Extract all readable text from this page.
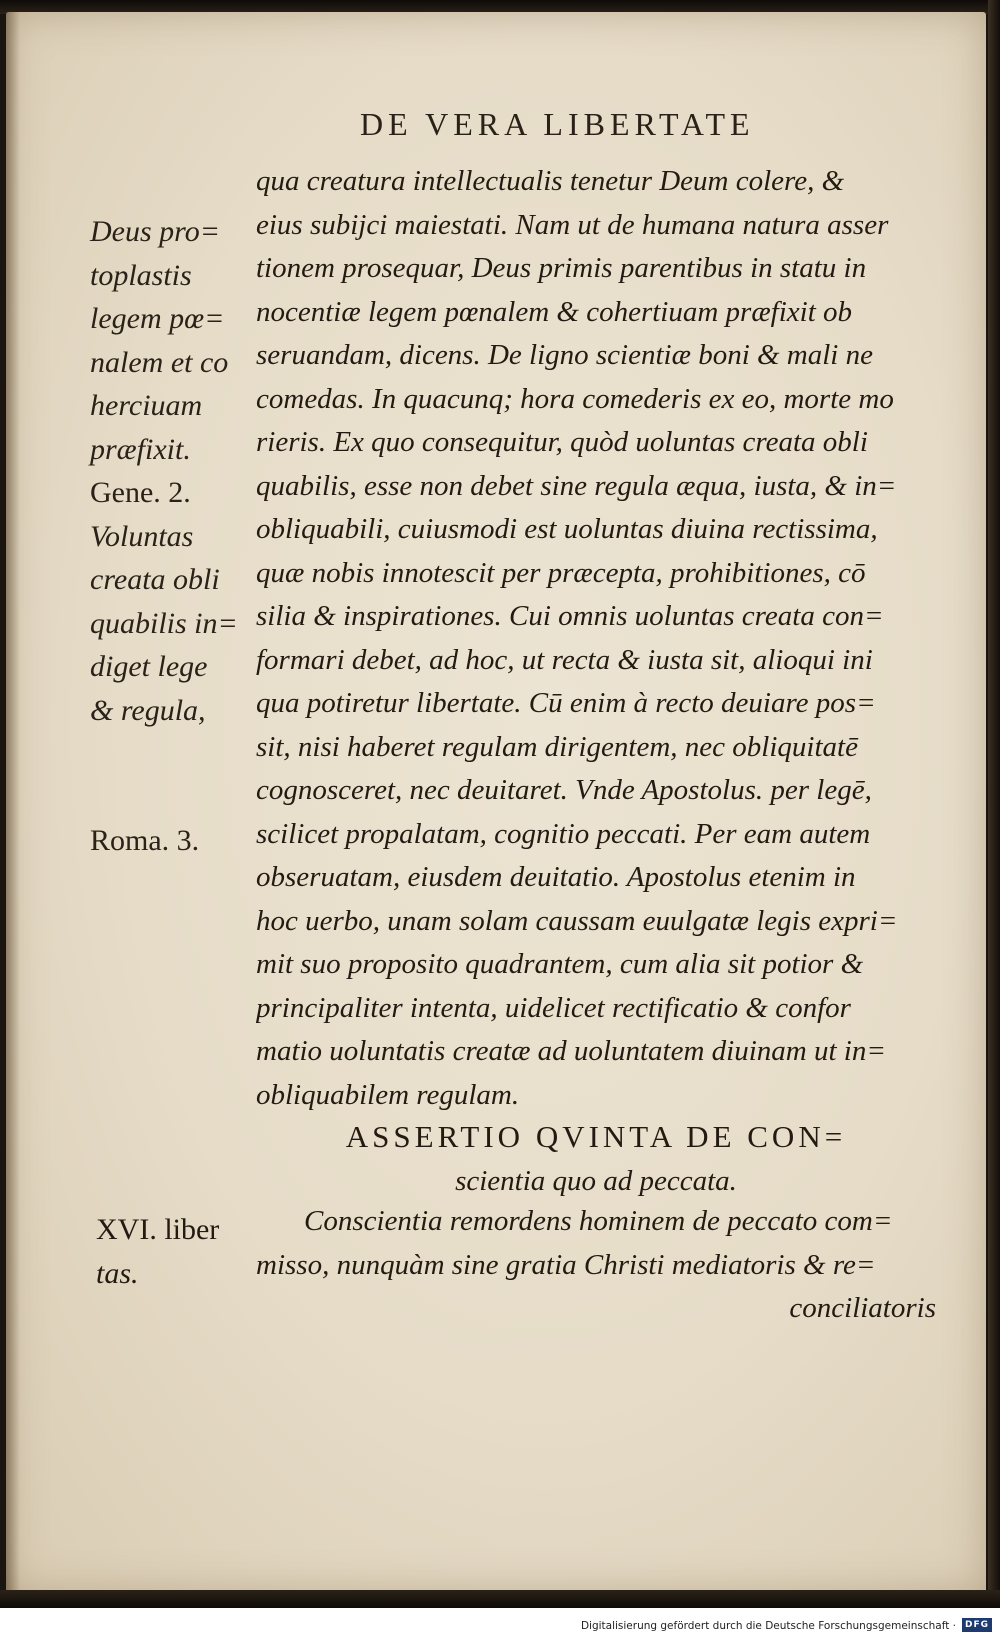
DE VERA LIBERTATE
Deus pro=
toplastis
legem pœ=
nalem et co
herciuam
præfixit.
Gene. 2.
Voluntas
creata obli
quabilis in=
diget lege
& regula,
Roma. 3.
qua creatura intellectualis tenetur Deum colere, &
eius subijci maiestati. Nam ut de humana natura asser
tionem prosequar, Deus primis parentibus in statu in
nocentiæ legem pœnalem & cohertiuam præfixit ob
seruandam, dicens. De ligno scientiæ boni & mali ne
comedas. In quacunq; hora comederis ex eo, morte mo
rieris. Ex quo consequitur, quòd uoluntas creata obli
quabilis, esse non debet sine regula æqua, iusta, & in=
obliquabili, cuiusmodi est uoluntas diuina rectissima,
quæ nobis innotescit per præcepta, prohibitiones, cō
silia & inspirationes. Cui omnis uoluntas creata con=
formari debet, ad hoc, ut recta & iusta sit, alioqui ini
qua potiretur libertate. Cū enim à recto deuiare pos=
sit, nisi haberet regulam dirigentem, nec obliquitatē
cognosceret, nec deuitaret. Vnde Apostolus. per legē,
scilicet propalatam, cognitio peccati. Per eam autem
obseruatam, eiusdem deuitatio. Apostolus etenim in
hoc uerbo, unam solam caussam euulgatæ legis expri=
mit suo proposito quadrantem, cum alia sit potior &
principaliter intenta, uidelicet rectificatio & confor
matio uoluntatis creatæ ad uoluntatem diuinam ut in=
obliquabilem regulam.
ASSERTIO QVINTA DE CON=
scientia quo ad peccata.
XVI. liber
tas.
Conscientia remordens hominem de peccato com=
misso, nunquàm sine gratia Christi mediatoris & re=
conciliatoris
Digitalisierung gefördert durch die Deutsche Forschungsgemeinschaft · DFG
